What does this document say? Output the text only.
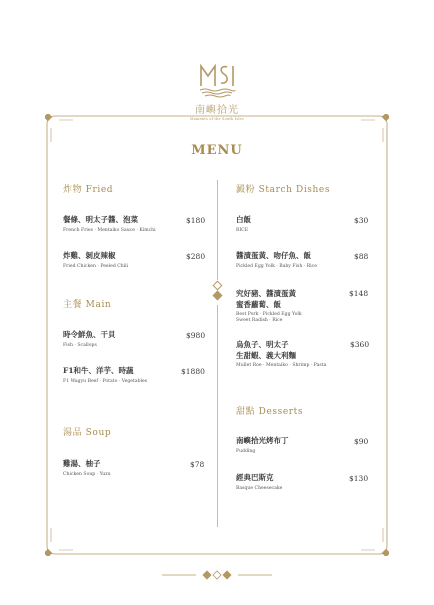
南嶼拾光
Moments of the South Isles
MENU
炸物 Fried
餐條、明太子醬、泡菜
French Fries · Mentaiko Sauce · Kimchi
$180
炸雞、剝皮辣椒
Fried Chicken · Peeled Chili
$280
主餐 Main
時令鮮魚、干貝
Fish · Scallops
$980
F1和牛、洋芋、時蔬
F1 Wagyu Beef · Potato · Vegetables
$1880
湯品 Soup
雞湯、柚子
Chicken Soup · Yuzu
$78
澱粉 Starch Dishes
白飯
RICE
$30
醬漬蛋黃、吻仔魚、飯
Pickled Egg Yolk · Baby Fish · Rice
$88
究好豬、醬漬蛋黃
蜜香蘿蔔、飯
Best Pork · Pickled Egg Yolk
Sweet Radish · Rice
$148
烏魚子、明太子
生甜蝦、義大利麵
Mullet Roe · Mentaiko · Shrimp · Pasta
$360
甜點 Desserts
南嶼拾光烤布丁
Pudding
$90
經典巴斯克
Basque Cheesecake
$130
